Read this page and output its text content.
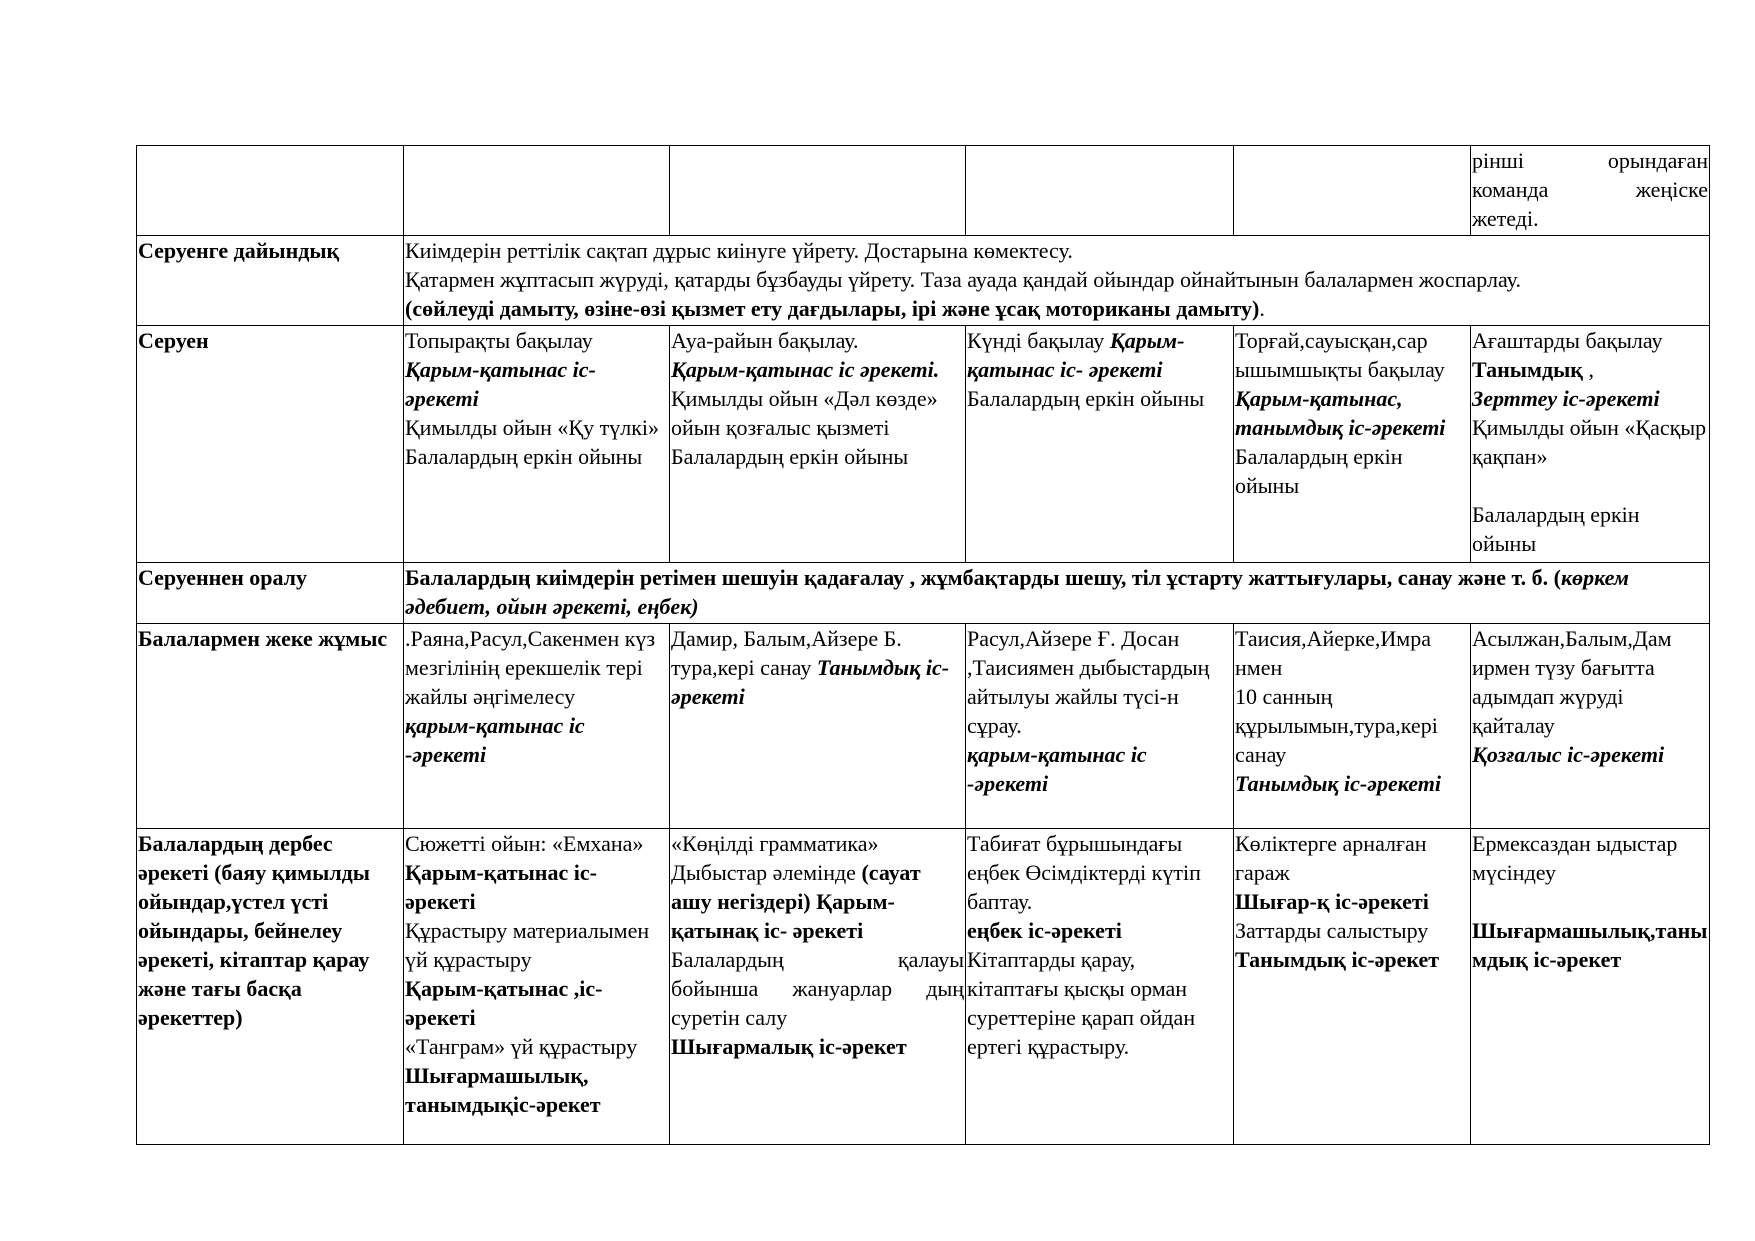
					рінші орындаған
команда жеңіске
жетеді.

Серуенге дайындық	Киімдерін реттілік сақтап дұрыс киінуге үйрету. Достарына көмектесу.
Қатармен жұптасып жүруді, қатарды бұзбауды үйрету. Таза ауада қандай ойындар ойнайтынын балалармен жоспарлау.
(сөйлеуді дамыту, өзіне-өзі қызмет ету дағдылары, ірі және ұсақ моториканы дамыту).				

Серуен	Топырақты бақылау
Қарым-қатынас іс-әрекеті
Қимылды ойын «Қу түлкі»
Балалардың еркін ойыны	Ауа-райын бақылау.
Қарым-қатынас іс әрекеті.
Қимылды ойын «Дәл көзде»
ойын қозғалыс қызметі
Балалардың еркін ойыны	Күнді бақылау Қарым-қатынас іс- әрекеті
Балалардың еркін ойыны	Торғай,сауысқан,сар ышымшықты бақылау
Қарым-қатынас, танымдық іс-әрекеті
Балалардың еркін ойыны	Ағаштарды бақылау Танымдық ,
Зерттеу іс-әрекеті
Қимылды ойын «Қасқыр қақпан»
Балалардың еркін ойыны

Серуеннен оралу	Балалардың киімдерін ретімен шешуін қадағалау , жұмбақтарды шешу, тіл ұстарту жаттығулары, санау және т. б. (көркем әдебиет, ойын әрекеті, еңбек)				
Балалармен жеке жұмыс	.Раяна,Расул,Сакенмен күз мезгілінің ерекшелік тері жайлы әңгімелесу
қарым-қатынас іс -әрекеті	Дамир, Балым,Айзере Б. тура,кері санау Танымдық іс-әрекеті	Расул,Айзере Ғ. Досан ,Таисиямен дыбыстардың айтылуы жайлы түсі-н сұрау.
қарым-қатынас іс -әрекеті	Таисия,Айерке,Имра нмен
10 санның құрылымын,тура,кері санау
Танымдық іс-әрекеті	Асылжан,Балым,Дам ирмен түзу бағытта адымдап жүруді қайталау
Қозғалыс іс-әрекеті

Балалардың дербес әрекеті (баяу қимылды ойындар,үстел үсті ойындары, бейнелеу әрекеті, кітаптар қарау және тағы басқа әрекеттер)	Сюжетті ойын: «Емхана» Қарым-қатынас іс- әрекеті
Құрастыру материалымен үй құрастыру
Қарым-қатынас ,іс-әрекеті
«Танграм» үй құрастыру
Шығармашылық, танымдықіс-әрекет	«Көңілді грамматика» Дыбыстар әлемінде (сауат ашу негіздері) Қарым-қатынақ іс- әрекеті
Балалардың қалауы
бойынша жануарлар дың
суретін салу
Шығармалық іс-әрекет	Табиғат бұрышындағы еңбек Өсімдіктерді күтіп баптау.
еңбек іс-әрекеті
Кітаптарды қарау, кітаптағы қысқы орман суреттеріне қарап ойдан ертегі құрастыру.	Көліктерге арналған гараж
Шығар-қ іс-әрекеті
Заттарды салыстыру
Танымдық іс-әрекет	Ермексаздан ыдыстар мүсіндеу
Шығармашылық,танымдық іс-әрекет
